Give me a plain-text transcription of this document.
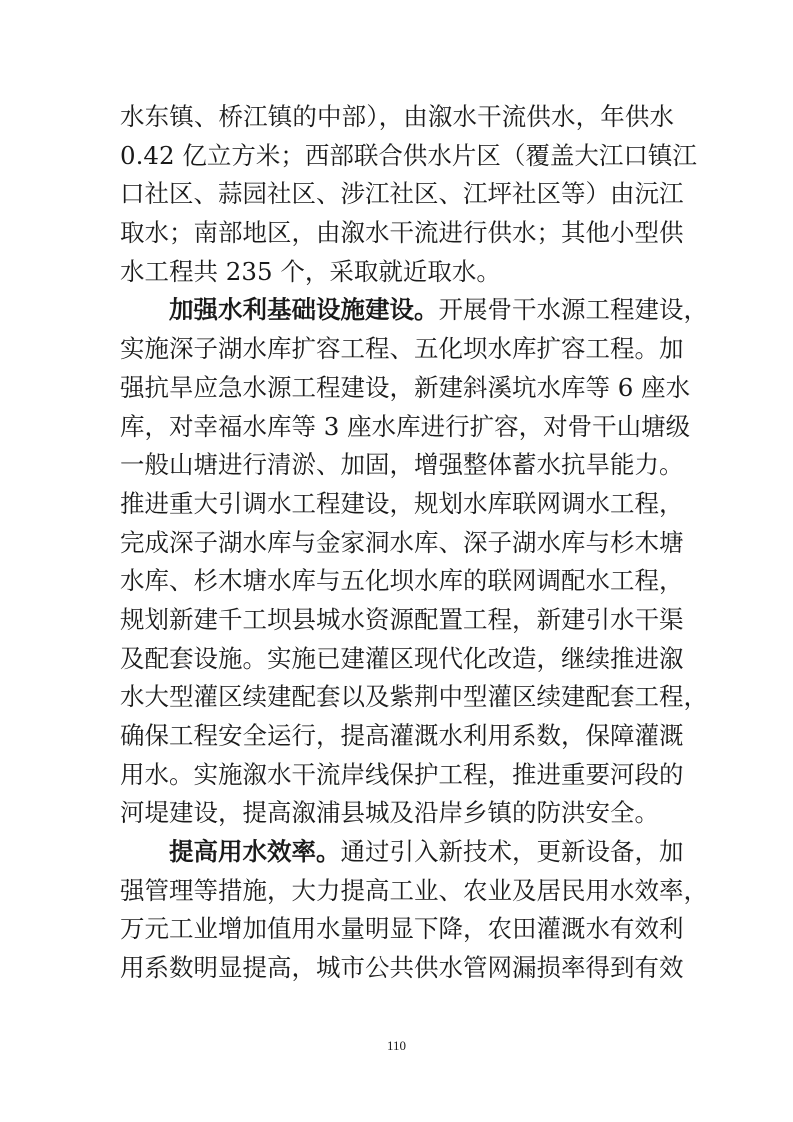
水东镇、桥江镇的中部），由溆水干流供水，年供水
0.42 亿立方米；西部联合供水片区（覆盖大江口镇江
口社区、蒜园社区、涉江社区、江坪社区等）由沅江
取水；南部地区，由溆水干流进行供水；其他小型供
水工程共 235 个，采取就近取水。
加强水利基础设施建设。开展骨干水源工程建设，
实施深子湖水库扩容工程、五化坝水库扩容工程。加
强抗旱应急水源工程建设，新建斜溪坑水库等 6 座水
库，对幸福水库等 3 座水库进行扩容，对骨干山塘级
一般山塘进行清淤、加固，增强整体蓄水抗旱能力。
推进重大引调水工程建设，规划水库联网调水工程，
完成深子湖水库与金家洞水库、深子湖水库与杉木塘
水库、杉木塘水库与五化坝水库的联网调配水工程，
规划新建千工坝县城水资源配置工程，新建引水干渠
及配套设施。实施已建灌区现代化改造，继续推进溆
水大型灌区续建配套以及紫荆中型灌区续建配套工程，
确保工程安全运行，提高灌溉水利用系数，保障灌溉
用水。实施溆水干流岸线保护工程，推进重要河段的
河堤建设，提高溆浦县城及沿岸乡镇的防洪安全。
提高用水效率。通过引入新技术，更新设备，加
强管理等措施，大力提高工业、农业及居民用水效率，
万元工业增加值用水量明显下降，农田灌溉水有效利
用系数明显提高，城市公共供水管网漏损率得到有效
110
